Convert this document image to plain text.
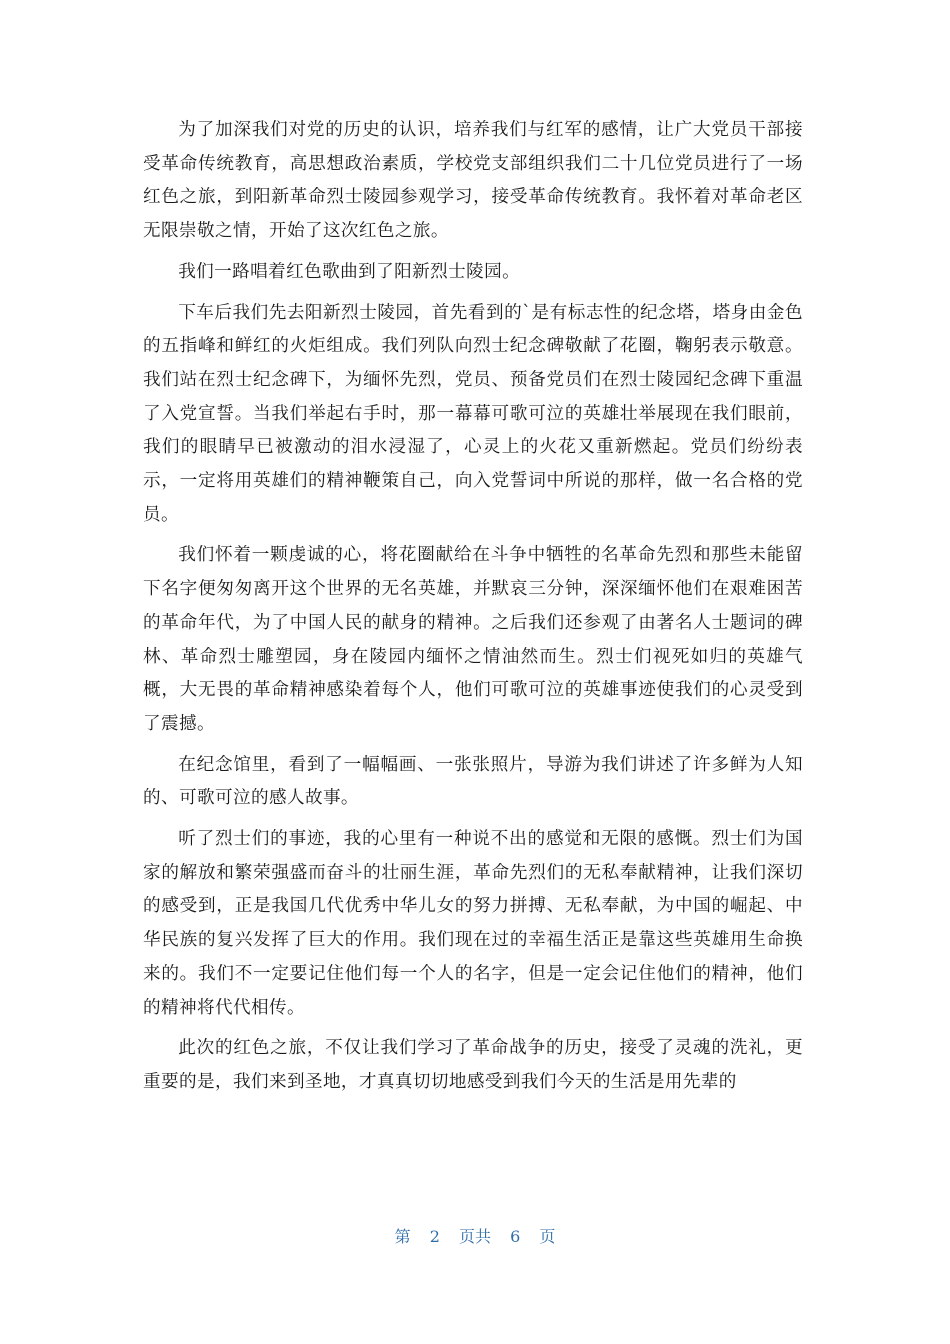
为了加深我们对党的历史的认识，培养我们与红军的感情，让广大党员干部接受革命传统教育，高思想政治素质，学校党支部组织我们二十几位党员进行了一场红色之旅，到阳新革命烈士陵园参观学习，接受革命传统教育。我怀着对革命老区无限崇敬之情，开始了这次红色之旅。

我们一路唱着红色歌曲到了阳新烈士陵园。

下车后我们先去阳新烈士陵园，首先看到的`是有标志性的纪念塔，塔身由金色的五指峰和鲜红的火炬组成。我们列队向烈士纪念碑敬献了花圈，鞠躬表示敬意。我们站在烈士纪念碑下，为缅怀先烈，党员、预备党员们在烈士陵园纪念碑下重温了入党宣誓。当我们举起右手时，那一幕幕可歌可泣的英雄壮举展现在我们眼前，我们的眼睛早已被激动的泪水浸湿了，心灵上的火花又重新燃起。党员们纷纷表示，一定将用英雄们的精神鞭策自己，向入党誓词中所说的那样，做一名合格的党员。

我们怀着一颗虔诚的心，将花圈献给在斗争中牺牲的名革命先烈和那些未能留下名字便匆匆离开这个世界的无名英雄，并默哀三分钟，深深缅怀他们在艰难困苦的革命年代，为了中国人民的献身的精神。之后我们还参观了由著名人士题词的碑林、革命烈士雕塑园，身在陵园内缅怀之情油然而生。烈士们视死如归的英雄气概，大无畏的革命精神感染着每个人，他们可歌可泣的英雄事迹使我们的心灵受到了震撼。

在纪念馆里，看到了一幅幅画、一张张照片，导游为我们讲述了许多鲜为人知的、可歌可泣的感人故事。

听了烈士们的事迹，我的心里有一种说不出的感觉和无限的感慨。烈士们为国家的解放和繁荣强盛而奋斗的壮丽生涯，革命先烈们的无私奉献精神，让我们深切的感受到，正是我国几代优秀中华儿女的努力拼搏、无私奉献，为中国的崛起、中华民族的复兴发挥了巨大的作用。我们现在过的幸福生活正是靠这些英雄用生命换来的。我们不一定要记住他们每一个人的名字，但是一定会记住他们的精神，他们的精神将代代相传。

此次的红色之旅，不仅让我们学习了革命战争的历史，接受了灵魂的洗礼，更重要的是，我们来到圣地，才真真切切地感受到我们今天的生活是用先辈的

第 2 页共 6 页
